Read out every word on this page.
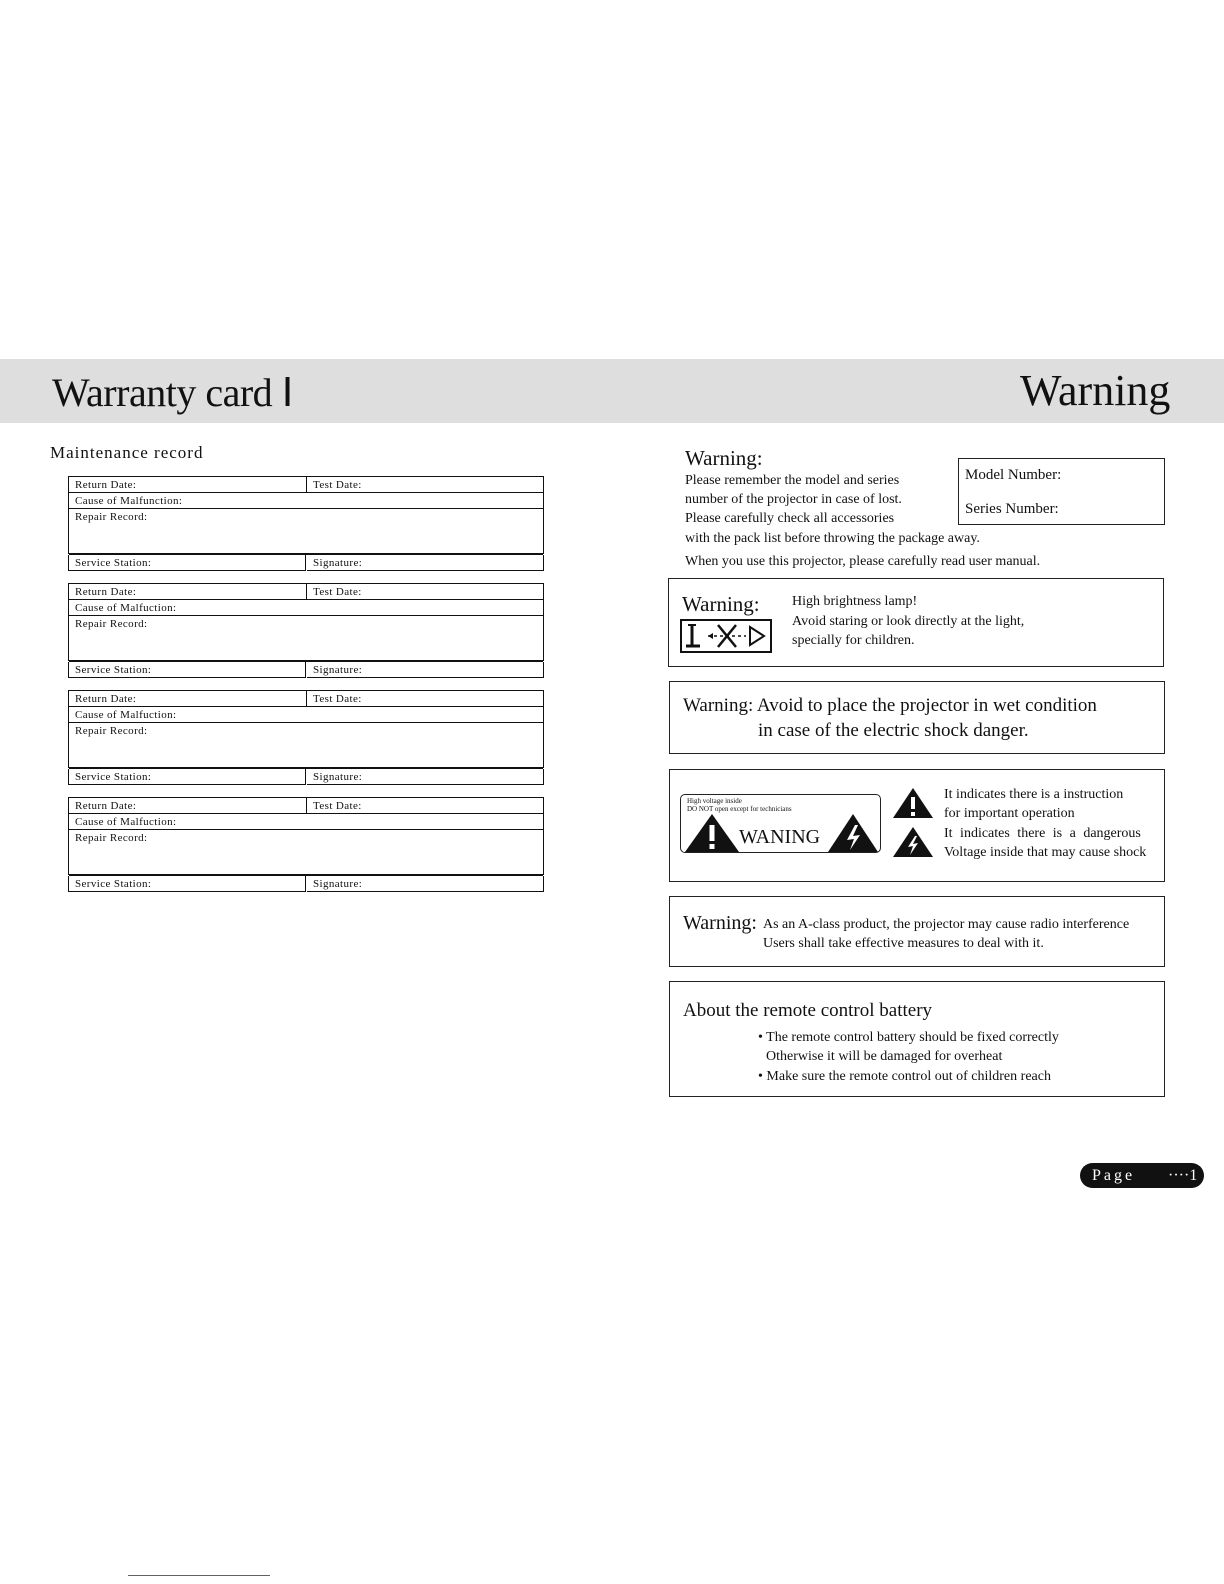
Warranty card Ⅰ	Warning
Maintenance record
Return Date:	Test Date:
Cause of Malfunction:
Repair Record:
Service Station:	Signature:
Return Date:	Test Date:
Cause of Malfuction:
Repair Record:
Service Station:	Signature:
Return Date:	Test Date:
Cause of Malfuction:
Repair Record:
Service Station:	Signature:
Return Date:	Test Date:
Cause of Malfuction:
Repair Record:
Service Station:	Signature:
Warning:
Please remember the model and series
number of the projector in case of lost.
Please carefully check all accessories
with the pack list before throwing the package away.
When you use this projector, please carefully read user manual.
Model Number:
Series Number:
Warning: High brightness lamp!
Avoid staring or look directly at the light,
specially for children.
Warning: Avoid to place the projector in wet condition
in case of the electric shock danger.
High voltage inside
DO NOT open except for technicians
WANING
It indicates there is a instruction
for important operation
It indicates there is a dangerous
Voltage inside that may cause shock
Warning: As an A-class product, the projector may cause radio interference
Users shall take effective measures to deal with it.
About the remote control battery
• The remote control battery should be fixed correctly
Otherwise it will be damaged for overheat
• Make sure the remote control out of children reach
Page ····1
